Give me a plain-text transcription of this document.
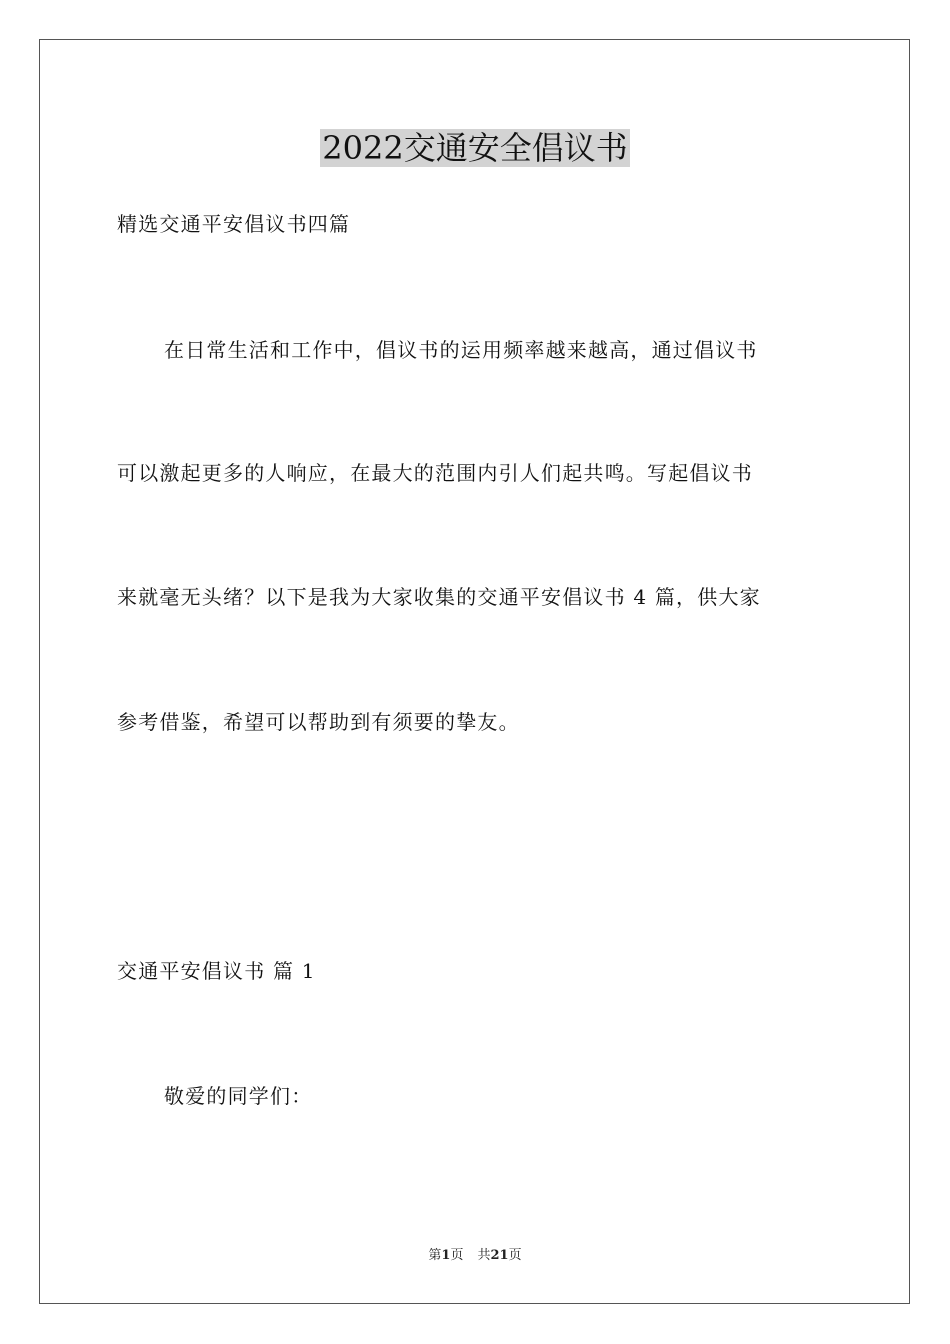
2022交通安全倡议书
精选交通平安倡议书四篇
在日常生活和工作中，倡议书的运用频率越来越高，通过倡议书
可以激起更多的人响应，在最大的范围内引人们起共鸣。写起倡议书
来就毫无头绪？以下是我为大家收集的交通平安倡议书 4 篇，供大家
参考借鉴，希望可以帮助到有须要的挚友。
交通平安倡议书 篇 1
敬爱的同学们：
第1页 共21页
